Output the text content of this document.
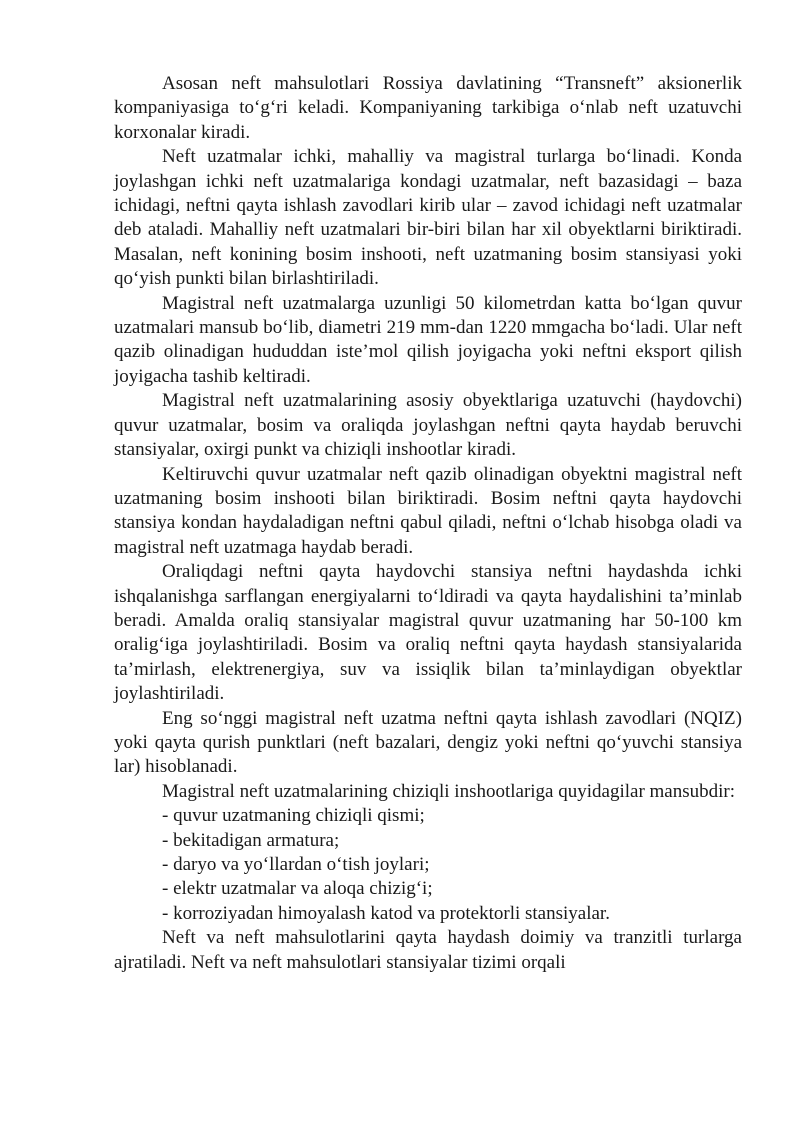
Asosan neft mahsulotlari Rossiya davlatining “Transneft” aksionerlik kompaniyasiga to‘g‘ri keladi. Kompaniyaning tarkibiga o‘nlab neft uzatuvchi korxonalar kiradi.

Neft uzatmalar ichki, mahalliy va magistral turlarga bo‘linadi. Konda joylashgan ichki neft uzatmalariga kondagi uzatmalar, neft bazasidagi – baza ichidagi, neftni qayta ishlash zavodlari kirib ular – zavod ichidagi neft uzatmalar deb ataladi. Mahalliy neft uzatmalari bir-biri bilan har xil obyektlarni biriktiradi. Masalan, neft konining bosim inshooti, neft uzatmaning bosim stansiyasi yoki qo‘yish punkti bilan birlashtiriladi.

Magistral neft uzatmalarga uzunligi 50 kilometrdan katta bo‘lgan quvur uzatmalari mansub bo‘lib, diametri 219 mm-dan 1220 mmgacha bo‘ladi. Ular neft qazib olinadigan hududdan iste’mol qilish joyigacha yoki neftni eksport qilish joyigacha tashib keltiradi.

Magistral neft uzatmalarining asosiy obyektlariga uzatuvchi (haydovchi) quvur uzatmalar, bosim va oraliqda joylashgan neftni qayta haydab beruvchi stansiyalar, oxirgi punkt va chiziqli inshootlar kiradi.

Keltiruvchi quvur uzatmalar neft qazib olinadigan obyektni magistral neft uzatmaning bosim inshooti bilan biriktiradi. Bosim neftni qayta haydovchi stansiya kondan haydaladigan neftni qabul qiladi, neftni o‘lchab hisobga oladi va magistral neft uzatmaga haydab beradi.

Oraliqdagi neftni qayta haydovchi stansiya neftni haydashda ichki ishqalanishga sarflangan energiyalarni to‘ldiradi va qayta haydalishini ta’minlab beradi. Amalda oraliq stansiyalar magistral quvur uzatmaning har 50-100 km oralig‘iga joylashtiriladi. Bosim va oraliq neftni qayta haydash stansiyalarida ta’mirlash, elektrenergiya, suv va issiqlik bilan ta’minlaydigan obyektlar joylashtiriladi.

Eng so‘nggi magistral neft uzatma neftni qayta ishlash zavodlari (NQIZ) yoki qayta qurish punktlari (neft bazalari, dengiz yoki neftni qo‘yuvchi stansiya lar) hisoblanadi.

Magistral neft uzatmalarining chiziqli inshootlariga quyidagilar mansubdir:

- quvur uzatmaning chiziqli qismi;
- bekitadigan armatura;
- daryo va yo‘llardan o‘tish joylari;
- elektr uzatmalar va aloqa chizig‘i;
- korroziyadan himoyalash katod va protektorli stansiyalar.

Neft va neft mahsulotlarini qayta haydash doimiy va tranzitli turlarga ajratiladi. Neft va neft mahsulotlari stansiyalar tizimi orqali
